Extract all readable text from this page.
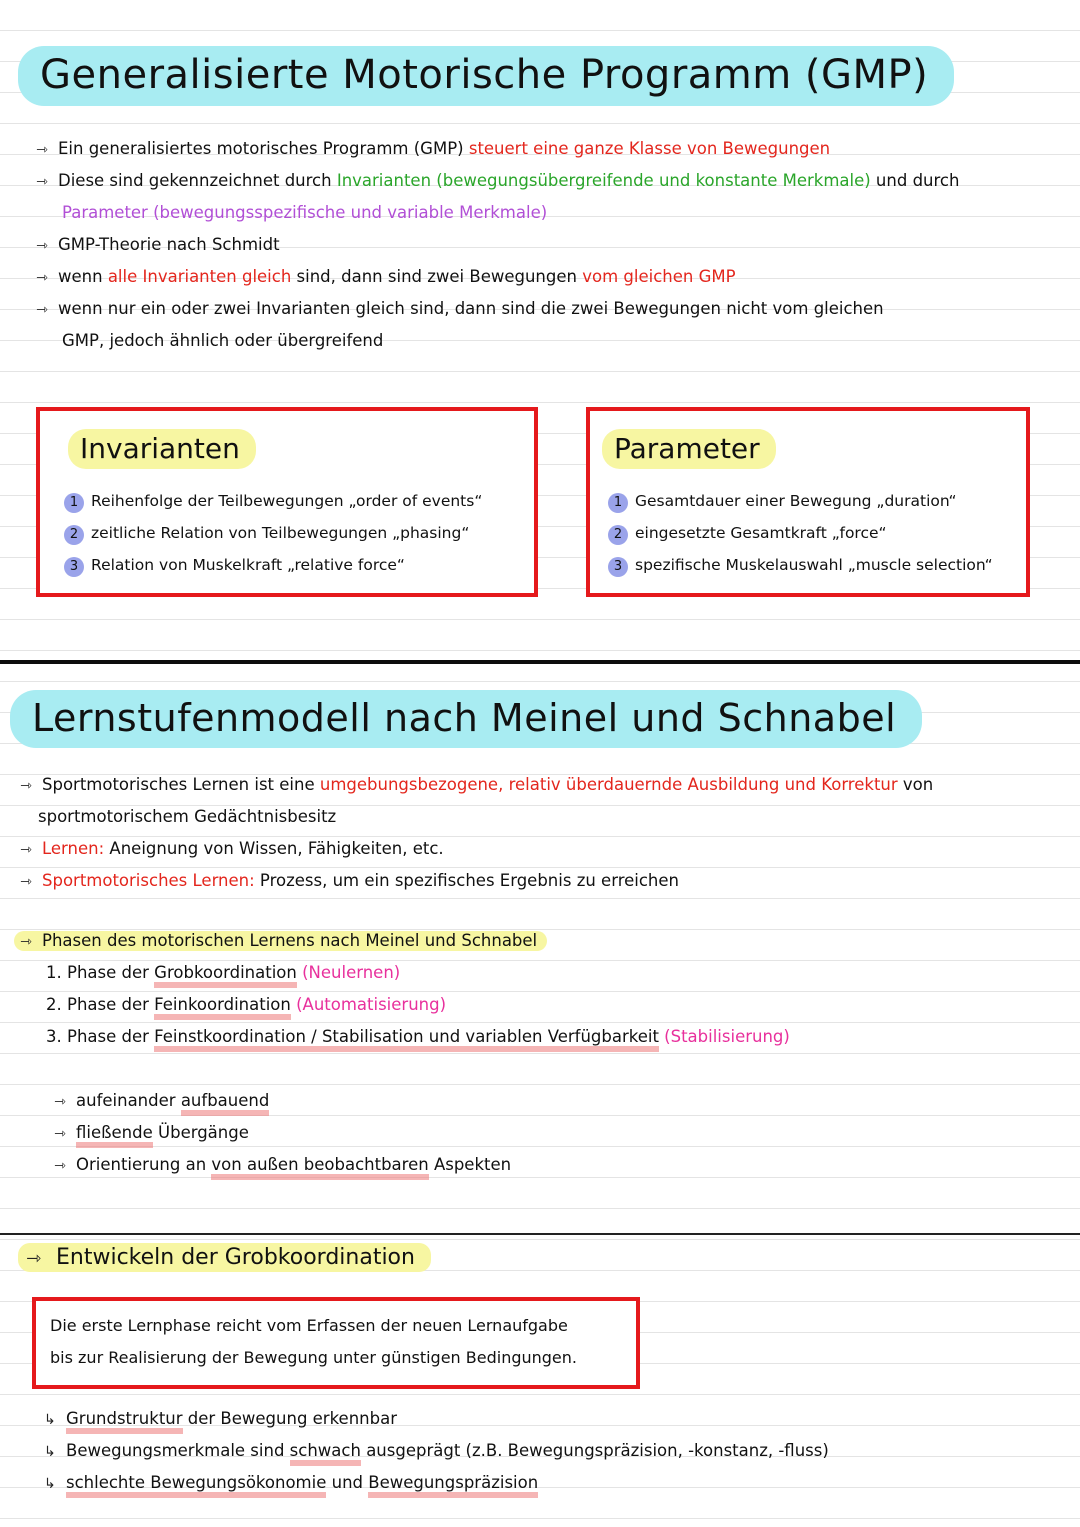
Generalisierte Motorische Programm (GMP)
⇾ Ein generalisiertes motorisches Programm (GMP) steuert eine ganze Klasse von Bewegungen
⇾ Diese sind gekennzeichnet durch Invarianten (bewegungsübergreifende und konstante Merkmale) und durch
Parameter (bewegungsspezifische und variable Merkmale)
⇾ GMP-Theorie nach Schmidt
⇾ wenn alle Invarianten gleich sind, dann sind zwei Bewegungen vom gleichen GMP
⇾ wenn nur ein oder zwei Invarianten gleich sind, dann sind die zwei Bewegungen nicht vom gleichen
GMP, jedoch ähnlich oder übergreifend
Invarianten
1 Reihenfolge der Teilbewegungen „order of events“
2 zeitliche Relation von Teilbewegungen „phasing“
3 Relation von Muskelkraft „relative force“
Parameter
1 Gesamtdauer einer Bewegung „duration“
2 eingesetzte Gesamtkraft „force“
3 spezifische Muskelauswahl „muscle selection“
Lernstufenmodell nach Meinel und Schnabel
⇾ Sportmotorisches Lernen ist eine umgebungsbezogene, relativ überdauernde Ausbildung und Korrektur von
sportmotorischem Gedächtnisbesitz
⇾ Lernen: Aneignung von Wissen, Fähigkeiten, etc.
⇾ Sportmotorisches Lernen: Prozess, um ein spezifisches Ergebnis zu erreichen
⇾ Phasen des motorischen Lernens nach Meinel und Schnabel
1. Phase der Grobkoordination (Neulernen)
2. Phase der Feinkoordination (Automatisierung)
3. Phase der Feinstkoordination / Stabilisation und variablen Verfügbarkeit (Stabilisierung)
⇾ aufeinander aufbauend
⇾ fließende Übergänge
⇾ Orientierung an von außen beobachtbaren Aspekten
⇾ Entwickeln der Grobkoordination
Die erste Lernphase reicht vom Erfassen der neuen Lernaufgabe
bis zur Realisierung der Bewegung unter günstigen Bedingungen.
↳ Grundstruktur der Bewegung erkennbar
↳ Bewegungsmerkmale sind schwach ausgeprägt (z.B. Bewegungspräzision, -konstanz, -fluss)
↳ schlechte Bewegungsökonomie und Bewegungspräzision
